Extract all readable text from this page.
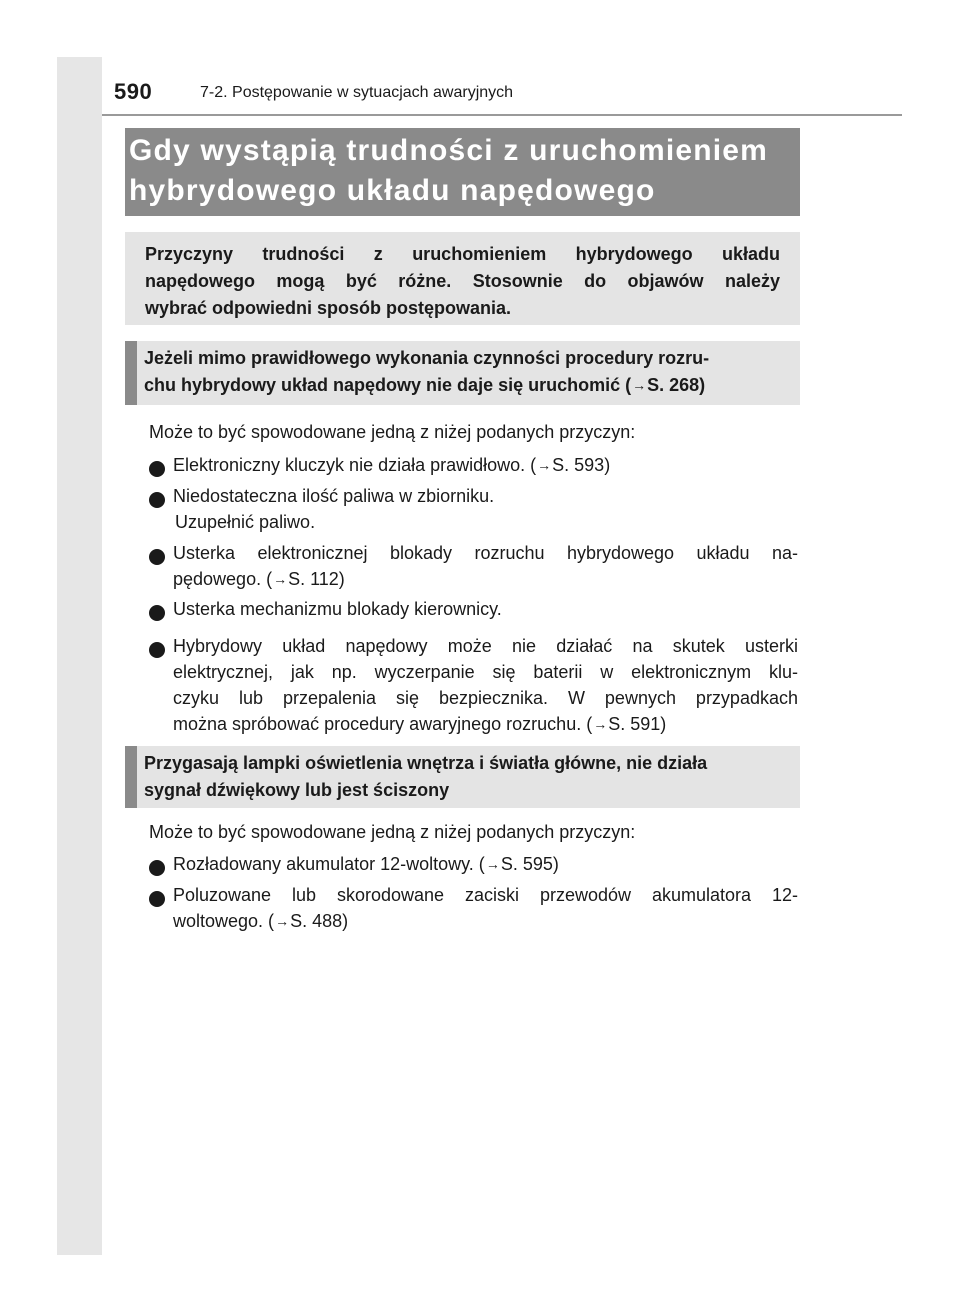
590	7-2. Postępowanie w sytuacjach awaryjnych
Gdy wystąpią trudności z uruchomieniem
hybrydowego układu napędowego
Przyczyny trudności z uruchomieniem hybrydowego układu
napędowego mogą być różne. Stosownie do objawów należy
wybrać odpowiedni sposób postępowania.
Jeżeli mimo prawidłowego wykonania czynności procedury rozru-
chu hybrydowy układ napędowy nie daje się uruchomić (→S. 268)
Może to być spowodowane jedną z niżej podanych przyczyn:
Elektroniczny kluczyk nie działa prawidłowo. (→S. 593)
Niedostateczna ilość paliwa w zbiorniku.
Uzupełnić paliwo.
Usterka elektronicznej blokady rozruchu hybrydowego układu na-
pędowego. (→S. 112)
Usterka mechanizmu blokady kierownicy.
Hybrydowy układ napędowy może nie działać na skutek usterki
elektrycznej, jak np. wyczerpanie się baterii w elektronicznym klu-
czyku lub przepalenia się bezpiecznika. W pewnych przypadkach
można spróbować procedury awaryjnego rozruchu. (→S. 591)
Przygasają lampki oświetlenia wnętrza i światła główne, nie działa
sygnał dźwiękowy lub jest ściszony
Może to być spowodowane jedną z niżej podanych przyczyn:
Rozładowany akumulator 12-woltowy. (→S. 595)
Poluzowane lub skorodowane zaciski przewodów akumulatora 12-
woltowego. (→S. 488)
